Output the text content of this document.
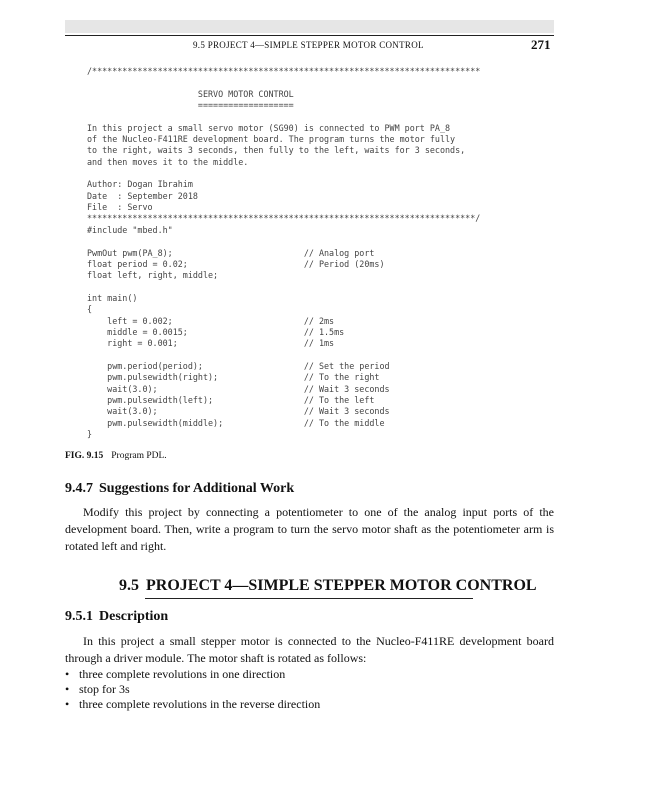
9.5 PROJECT 4—SIMPLE STEPPER MOTOR CONTROL	271
/*****************************************************************************
SERVO MOTOR CONTROL
===================
In this project a small servo motor (SG90) is connected to PWM port PA_8
of the Nucleo-F411RE development board. The program turns the motor fully
to the right, waits 3 seconds, then fully to the left, waits for 3 seconds,
and then moves it to the middle.
Author: Dogan Ibrahim
Date  : September 2018
File  : Servo
*****************************************************************************/
#include "mbed.h"
PwmOut pwm(PA_8);                          // Analog port
float period = 0.02;                       // Period (20ms)
float left, right, middle;
int main()
{
left = 0.002;                          // 2ms
middle = 0.0015;                       // 1.5ms
right = 0.001;                         // 1ms
pwm.period(period);                    // Set the period
pwm.pulsewidth(right);                 // To the right
wait(3.0);                             // Wait 3 seconds
pwm.pulsewidth(left);                  // To the left
wait(3.0);                             // Wait 3 seconds
pwm.pulsewidth(middle);                // To the middle
}
FIG. 9.15 Program PDL.
9.4.7 Suggestions for Additional Work
Modify this project by connecting a potentiometer to one of the analog input ports of the development board. Then, write a program to turn the servo motor shaft as the potentiometer arm is rotated left and right.
9.5 PROJECT 4—SIMPLE STEPPER MOTOR CONTROL
9.5.1 Description
In this project a small stepper motor is connected to the Nucleo-F411RE development board through a driver module. The motor shaft is rotated as follows:
• three complete revolutions in one direction
• stop for 3s
• three complete revolutions in the reverse direction
